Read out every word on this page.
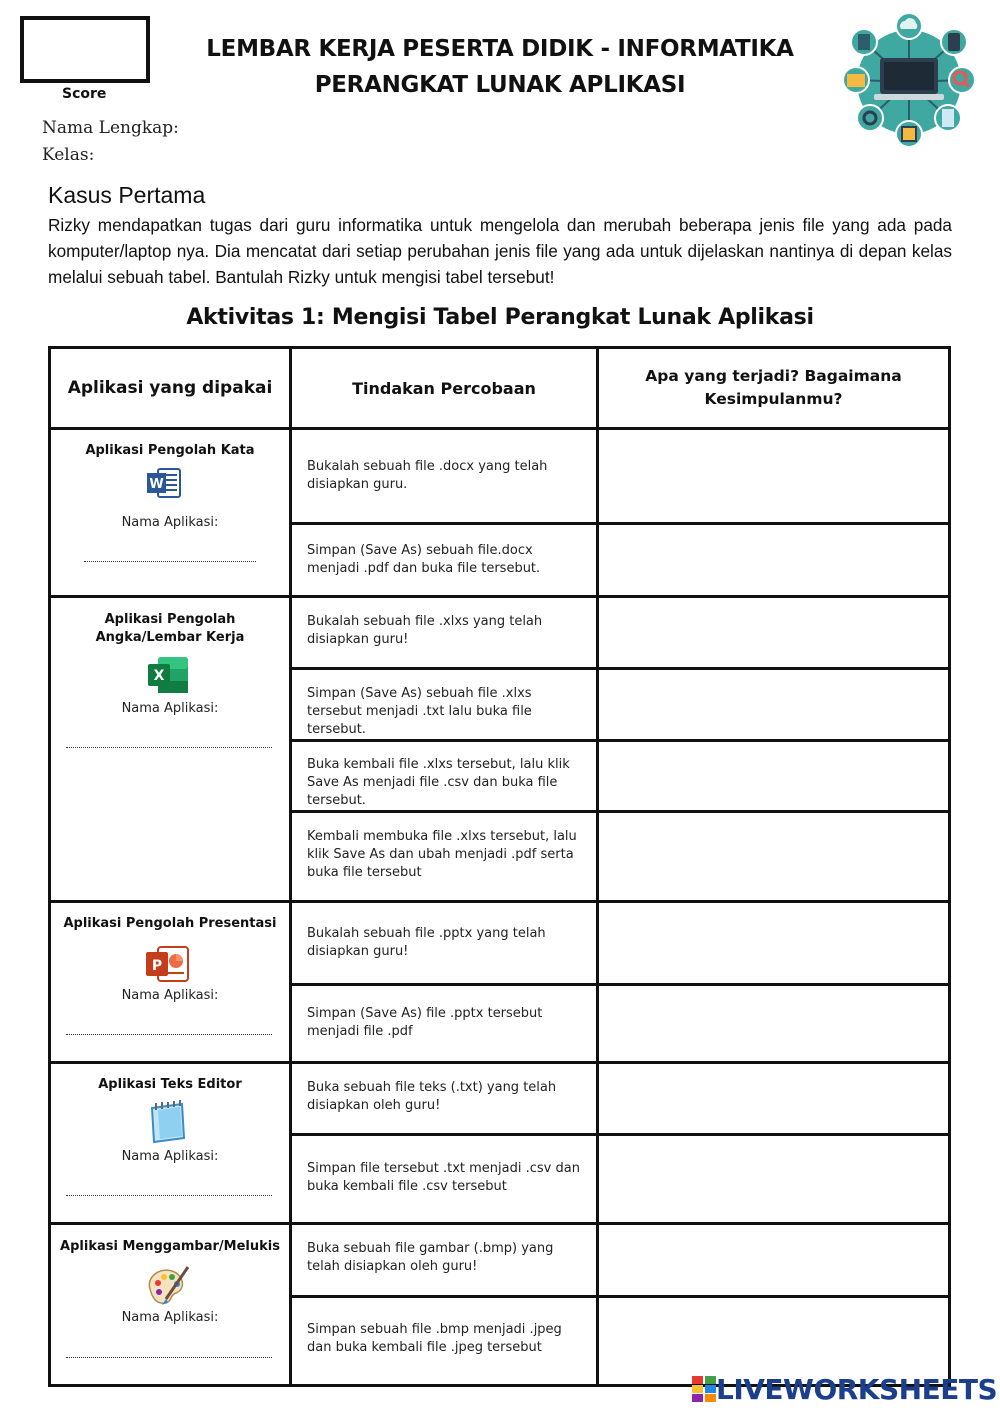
Score
LEMBAR KERJA PESERTA DIDIK - INFORMATIKA
PERANGKAT LUNAK APLIKASI
Nama Lengkap:
Kelas:
Kasus Pertama
Rizky mendapatkan tugas dari guru informatika untuk mengelola dan merubah beberapa jenis file yang ada pada komputer/laptop nya. Dia mencatat dari setiap perubahan jenis file yang ada untuk dijelaskan nantinya di depan kelas melalui sebuah tabel. Bantulah Rizky untuk mengisi tabel tersebut!
Aktivitas 1: Mengisi Tabel Perangkat Lunak Aplikasi
Aplikasi yang dipakai	Tindakan Percobaan
Apa yang terjadi? Bagaimana Kesimpulanmu?
Aplikasi Pengolah Kata
W
Nama Aplikasi:
Bukalah sebuah file .docx yang telah disiapkan guru.
Simpan (Save As) sebuah file.docx menjadi .pdf dan buka file tersebut.
Aplikasi Pengolah Angka/Lembar Kerja
X
Nama Aplikasi:
Bukalah sebuah file .xlxs yang telah disiapkan guru!
Simpan (Save As) sebuah file .xlxs tersebut menjadi .txt lalu buka file tersebut.
Buka kembali file .xlxs tersebut, lalu klik Save As menjadi file .csv dan buka file tersebut.
Kembali membuka file .xlxs tersebut, lalu klik Save As dan ubah menjadi .pdf serta buka file tersebut
Aplikasi Pengolah Presentasi
P
Nama Aplikasi:
Bukalah sebuah file .pptx yang telah disiapkan guru!
Simpan (Save As) file .pptx tersebut menjadi file .pdf
Aplikasi Teks Editor
Nama Aplikasi:
Buka sebuah file teks (.txt) yang telah disiapkan oleh guru!
Simpan file tersebut .txt menjadi .csv dan buka kembali file .csv tersebut
Aplikasi Menggambar/Melukis
Nama Aplikasi:
Buka sebuah file gambar (.bmp) yang telah disiapkan oleh guru!
Simpan sebuah file .bmp menjadi .jpeg dan buka kembali file .jpeg tersebut
LIVEWORKSHEETS
